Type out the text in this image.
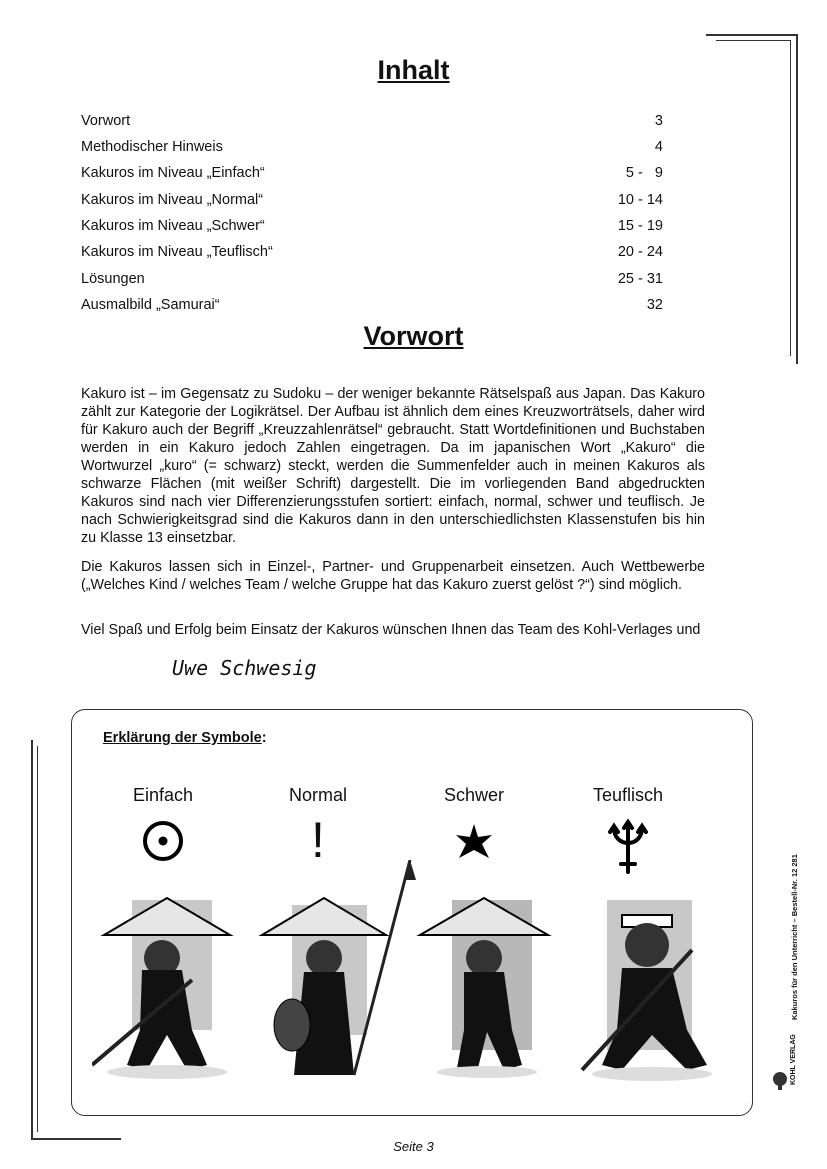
Inhalt
Vorwort	3
Methodischer Hinweis	4
Kakuros im Niveau „Einfach“	5 -   9
Kakuros im Niveau „Normal“	10 - 14
Kakuros im Niveau „Schwer“	15 - 19
Kakuros im Niveau „Teuflisch“	20 - 24
Lösungen	25 - 31
Ausmalbild „Samurai“	32
Vorwort
Kakuro ist – im Gegensatz zu Sudoku – der weniger bekannte Rätselspaß aus Japan. Das Kakuro zählt zur Kategorie der Logikrätsel. Der Aufbau ist ähnlich dem eines Kreuzworträtsels, daher wird für Kakuro auch der Begriff „Kreuzzahlenrätsel“ gebraucht. Statt Wortdefinitionen und Buchstaben werden in ein Kakuro jedoch Zahlen eingetragen. Da im japanischen Wort „Kakuro“ die Wortwurzel „kuro“ (= schwarz) steckt, werden die Summenfelder auch in meinen Kakuros als schwarze Flächen (mit weißer Schrift) dargestellt. Die im vorliegenden Band abgedruckten Kakuros sind nach vier Differenzierungsstufen sortiert: einfach, normal, schwer und teuflisch. Je nach Schwierigkeitsgrad sind die Kakuros dann in den unterschiedlichsten Klassenstufen bis hin zu Klasse 13 einsetzbar.
Die Kakuros lassen sich in Einzel-, Partner- und Gruppenarbeit einsetzen. Auch Wettbewerbe („Welches Kind / welches Team / welche Gruppe hat das Kakuro zuerst gelöst ?“) sind möglich.
Viel Spaß und Erfolg beim Einsatz der Kakuros wünschen Ihnen das Team des Kohl-Verlages und
Uwe Schwesig
Erklärung der Symbole:
Einfach	Normal
!
Schwer	Teuflisch
Kakuros für den Unterricht – Bestell-Nr. 12 281
KOHL VERLAG
Seite 3
